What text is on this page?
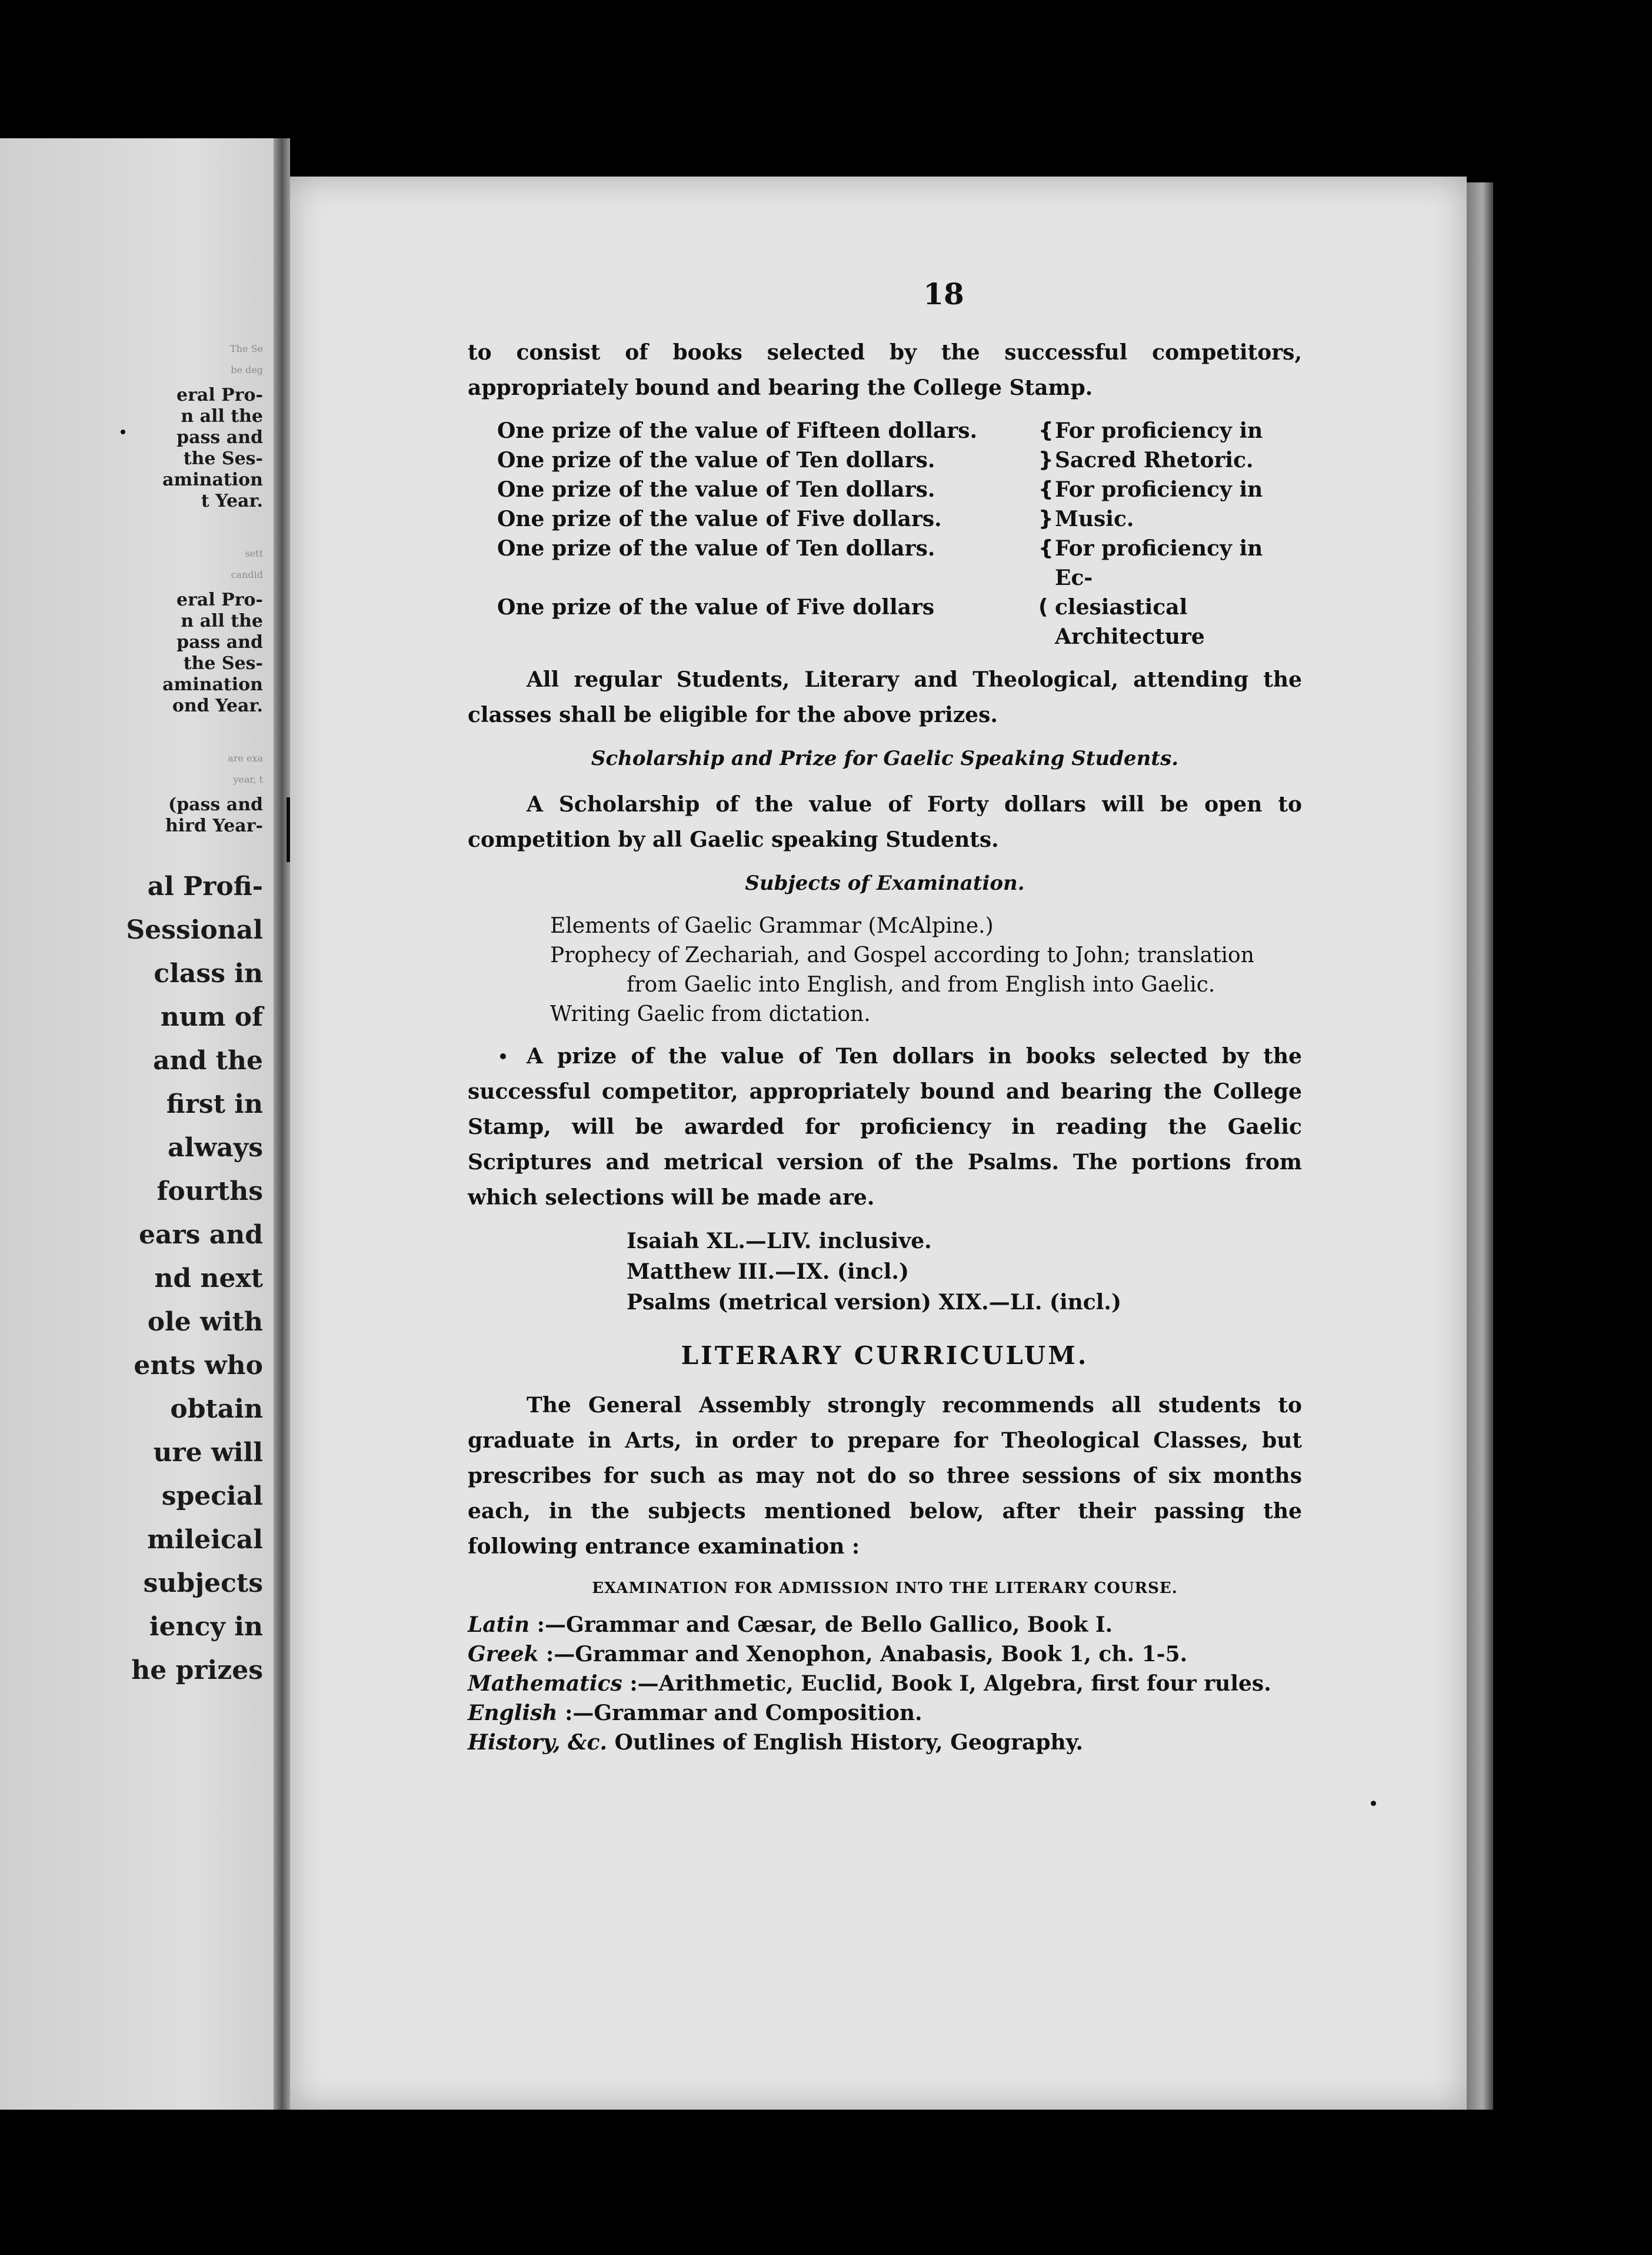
The Se
be deg
eral Pro-
n all the
pass and
the Ses-
amination
t Year.
sett
candid
eral Pro-
n all the
pass and
the Ses-
amination
ond Year.
are exa
year, t
(pass and
hird Year-
al Profi-
Sessional
class in
num of
and the
first in
always
fourths
ears and
nd next
ole with
ents who
obtain
ure will
special
mileical
subjects
iency in
he prizes
18

to consist of books selected by the successful competitors, appropriately bound and bearing the College Stamp.

One prize of the value of Fifteen dollars.	{ For proficiency in
One prize of the value of Ten dollars.	} Sacred Rhetoric.
One prize of the value of Ten dollars.	{ For proficiency in
One prize of the value of Five dollars.	} Music.
One prize of the value of Ten dollars.	{ For proficiency in Ec-
One prize of the value of Five dollars	( clesiastical Architecture

All regular Students, Literary and Theological, attending the classes shall be eligible for the above prizes.

Scholarship and Prize for Gaelic Speaking Students.

A Scholarship of the value of Forty dollars will be open to competition by all Gaelic speaking Students.

Subjects of Examination.
Elements of Gaelic Grammar (McAlpine.)
Prophecy of Zechariah, and Gospel according to John; translation from Gaelic into English, and from English into Gaelic.
Writing Gaelic from dictation.

A prize of the value of Ten dollars in books selected by the successful competitor, appropriately bound and bearing the College Stamp, will be awarded for proficiency in reading the Gaelic Scriptures and metrical version of the Psalms. The portions from which selections will be made are.

Isaiah XL.—LIV. inclusive.
Matthew III.—IX. (incl.)
Psalms (metrical version) XIX.—LI. (incl.)
LITERARY CURRICULUM.

The General Assembly strongly recommends all students to graduate in Arts, in order to prepare for Theological Classes, but prescribes for such as may not do so three sessions of six months each, in the subjects mentioned below, after their passing the following entrance examination :

EXAMINATION FOR ADMISSION INTO THE LITERARY COURSE.
Latin :—Grammar and Cæsar, de Bello Gallico, Book I.
Greek :—Grammar and Xenophon, Anabasis, Book 1, ch. 1-5.
Mathematics :—Arithmetic, Euclid, Book I, Algebra, first four rules.
English :—Grammar and Composition.
History, &c. Outlines of English History, Geography.
